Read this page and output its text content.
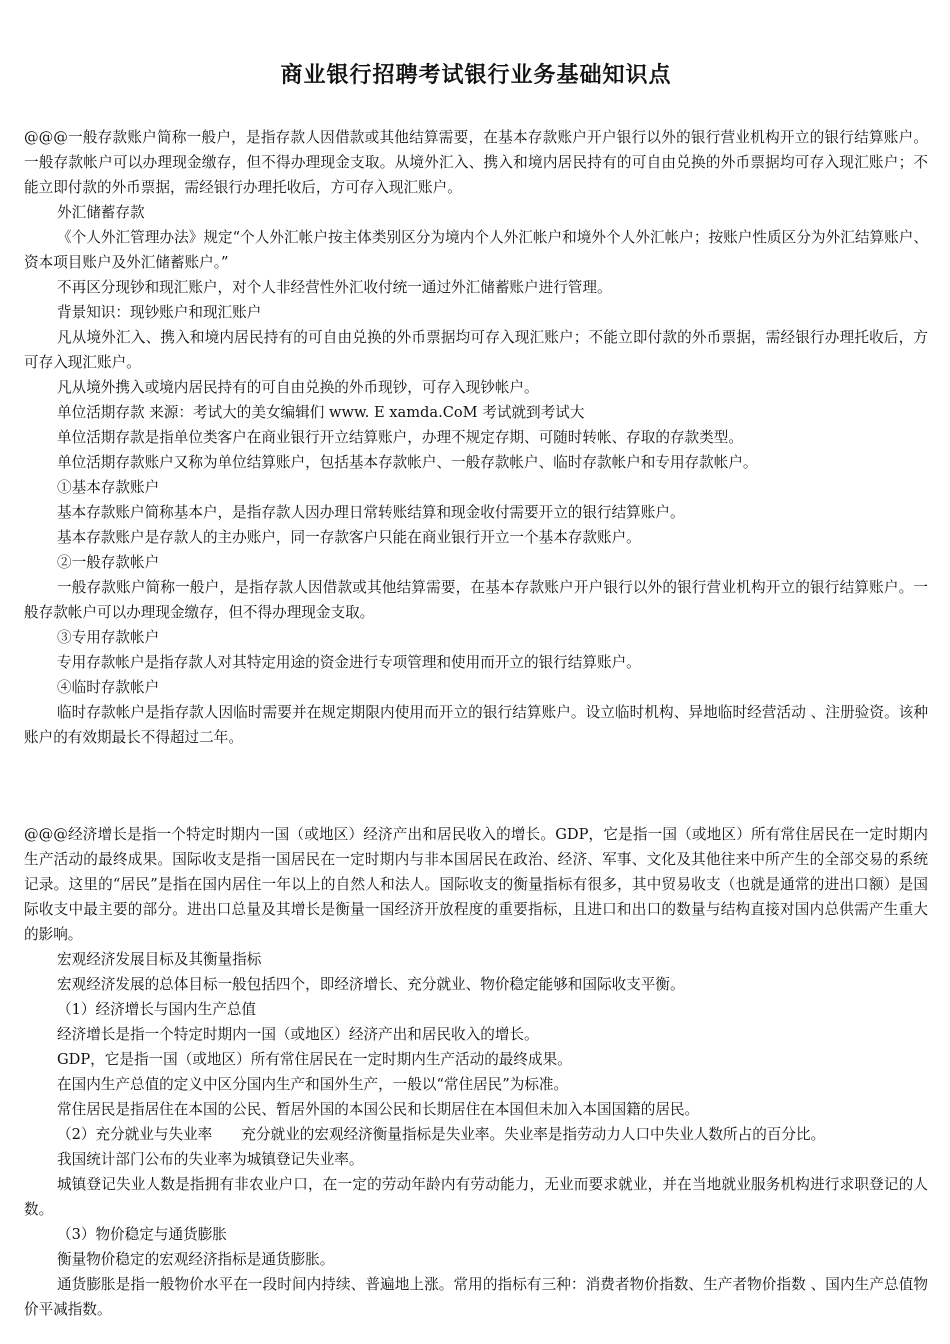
商业银行招聘考试银行业务基础知识点

@@@一般存款账户简称一般户，是指存款人因借款或其他结算需要，在基本存款账户开户银行以外的银行营业机构开立的银行结算账户。一般存款帐户可以办理现金缴存，但不得办理现金支取。从境外汇入、携入和境内居民持有的可自由兑换的外币票据均可存入现汇账户；不能立即付款的外币票据，需经银行办理托收后，方可存入现汇账户。

外汇储蓄存款

《个人外汇管理办法》规定“个人外汇帐户按主体类别区分为境内个人外汇帐户和境外个人外汇帐户；按账户性质区分为外汇结算账户、资本项目账户及外汇储蓄账户。”

不再区分现钞和现汇账户，对个人非经营性外汇收付统一通过外汇储蓄账户进行管理。

背景知识：现钞账户和现汇账户

凡从境外汇入、携入和境内居民持有的可自由兑换的外币票据均可存入现汇账户；不能立即付款的外币票据，需经银行办理托收后，方可存入现汇账户。

凡从境外携入或境内居民持有的可自由兑换的外币现钞，可存入现钞帐户。

单位活期存款 来源：考试大的美女编辑们 www. E xamda.CoM 考试就到考试大

单位活期存款是指单位类客户在商业银行开立结算账户，办理不规定存期、可随时转帐、存取的存款类型。

单位活期存款账户又称为单位结算账户，包括基本存款帐户、一般存款帐户、临时存款帐户和专用存款帐户。

①基本存款账户

基本存款账户简称基本户，是指存款人因办理日常转账结算和现金收付需要开立的银行结算账户。

基本存款账户是存款人的主办账户，同一存款客户只能在商业银行开立一个基本存款账户。

②一般存款帐户

一般存款账户简称一般户，是指存款人因借款或其他结算需要，在基本存款账户开户银行以外的银行营业机构开立的银行结算账户。一般存款帐户可以办理现金缴存，但不得办理现金支取。

③专用存款帐户

专用存款帐户是指存款人对其特定用途的资金进行专项管理和使用而开立的银行结算账户。

④临时存款帐户

临时存款帐户是指存款人因临时需要并在规定期限内使用而开立的银行结算账户。设立临时机构、异地临时经营活动 、注册验资。该种账户的有效期最长不得超过二年。

@@@经济增长是指一个特定时期内一国（或地区）经济产出和居民收入的增长。GDP，它是指一国（或地区）所有常住居民在一定时期内生产活动的最终成果。国际收支是指一国居民在一定时期内与非本国居民在政治、经济、军事、文化及其他往来中所产生的全部交易的系统记录。这里的“居民”是指在国内居住一年以上的自然人和法人。国际收支的衡量指标有很多，其中贸易收支（也就是通常的进出口额）是国际收支中最主要的部分。进出口总量及其增长是衡量一国经济开放程度的重要指标，且进口和出口的数量与结构直接对国内总供需产生重大的影响。

宏观经济发展目标及其衡量指标

宏观经济发展的总体目标一般包括四个，即经济增长、充分就业、物价稳定能够和国际收支平衡。

（1）经济增长与国内生产总值

经济增长是指一个特定时期内一国（或地区）经济产出和居民收入的增长。

GDP，它是指一国（或地区）所有常住居民在一定时期内生产活动的最终成果。

在国内生产总值的定义中区分国内生产和国外生产，一般以“常住居民”为标准。

常住居民是指居住在本国的公民、暂居外国的本国公民和长期居住在本国但未加入本国国籍的居民。

（2）充分就业与失业率　　充分就业的宏观经济衡量指标是失业率。失业率是指劳动力人口中失业人数所占的百分比。

我国统计部门公布的失业率为城镇登记失业率。

城镇登记失业人数是指拥有非农业户口，在一定的劳动年龄内有劳动能力，无业而要求就业，并在当地就业服务机构进行求职登记的人数。

（3）物价稳定与通货膨胀

衡量物价稳定的宏观经济指标是通货膨胀。

通货膨胀是指一般物价水平在一段时间内持续、普遍地上涨。常用的指标有三种：消费者物价指数、生产者物价指数 、国内生产总值物价平减指数。
